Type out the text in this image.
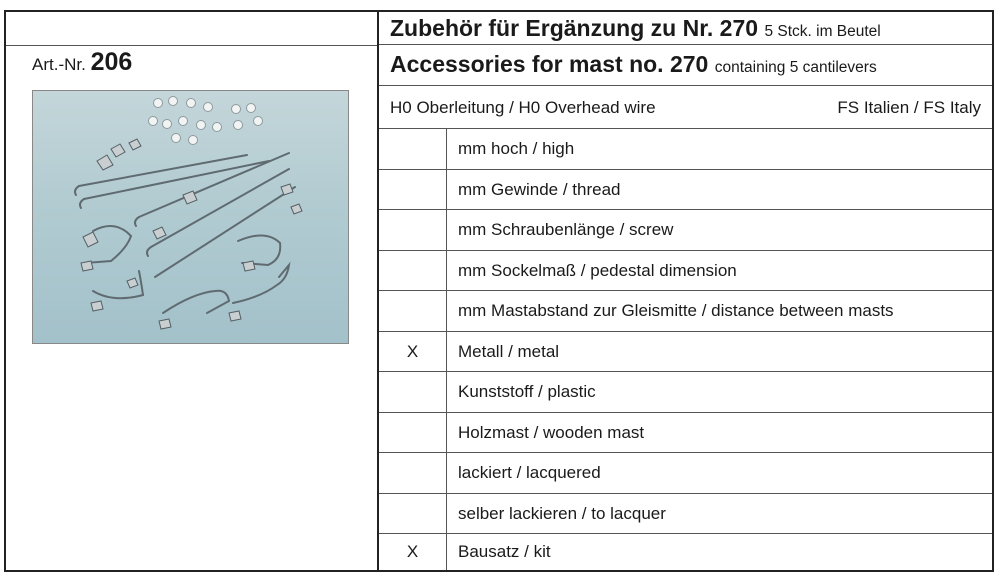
Art.-Nr. 206
Zubehör für Ergänzung zu Nr. 270 5 Stck. im Beutel
Accessories for mast no. 270 containing 5 cantilevers
H0 Oberleitung / H0 Overhead wire	FS Italien / FS Italy
mm hoch / high
mm Gewinde / thread
mm Schraubenlänge / screw
mm Sockelmaß / pedestal dimension
mm Mastabstand zur Gleismitte / distance between masts
X	Metall / metal
Kunststoff / plastic
Holzmast / wooden mast
lackiert / lacquered
selber lackieren / to lacquer
X	Bausatz / kit
